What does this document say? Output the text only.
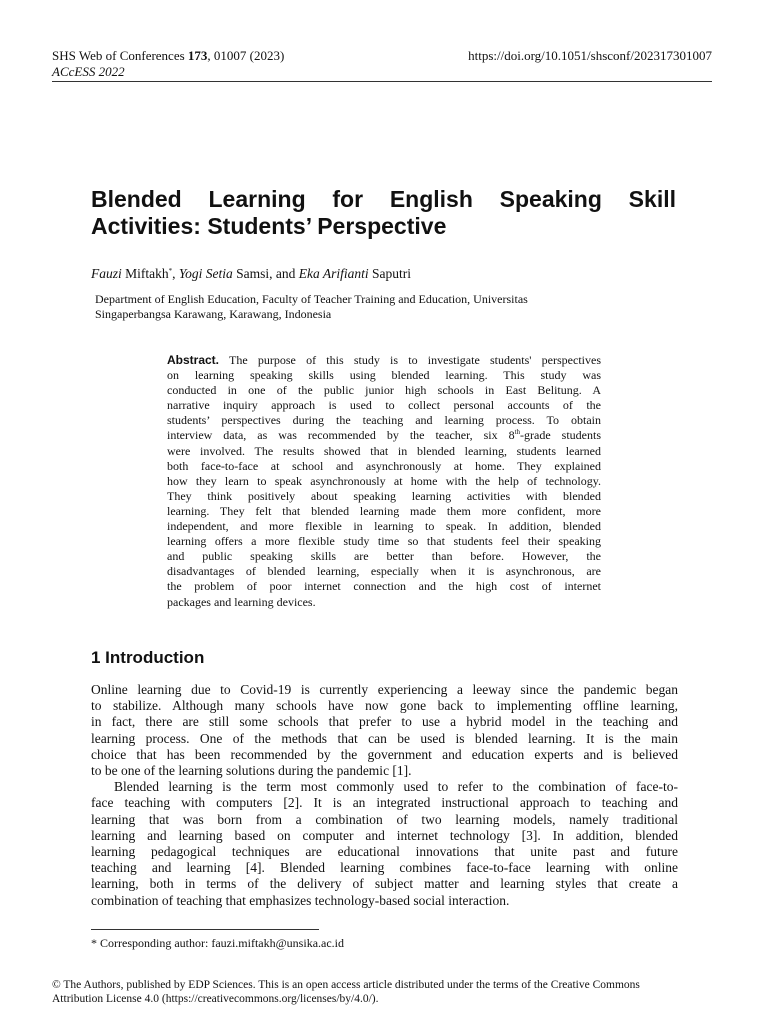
SHS Web of Conferences 173, 01007 (2023)
ACcESS 2022
https://doi.org/10.1051/shsconf/202317301007
Blended Learning for English Speaking Skill
Activities: Students’ Perspective
Fauzi Miftakh*, Yogi Setia Samsi, and Eka Arifianti Saputri
Department of English Education, Faculty of Teacher Training and Education, Universitas
Singaperbangsa Karawang, Karawang, Indonesia
Abstract. The purpose of this study is to investigate students' perspectives
on learning speaking skills using blended learning. This study was
conducted in one of the public junior high schools in East Belitung. A
narrative inquiry approach is used to collect personal accounts of the
students’ perspectives during the teaching and learning process. To obtain
interview data, as was recommended by the teacher, six 8th-grade students
were involved. The results showed that in blended learning, students learned
both face-to-face at school and asynchronously at home. They explained
how they learn to speak asynchronously at home with the help of technology.
They think positively about speaking learning activities with blended
learning. They felt that blended learning made them more confident, more
independent, and more flexible in learning to speak. In addition, blended
learning offers a more flexible study time so that students feel their speaking
and public speaking skills are better than before. However, the
disadvantages of blended learning, especially when it is asynchronous, are
the problem of poor internet connection and the high cost of internet
packages and learning devices.
1 Introduction
Online learning due to Covid-19 is currently experiencing a leeway since the pandemic began
to stabilize. Although many schools have now gone back to implementing offline learning,
in fact, there are still some schools that prefer to use a hybrid model in the teaching and
learning process. One of the methods that can be used is blended learning. It is the main
choice that has been recommended by the government and education experts and is believed
to be one of the learning solutions during the pandemic [1].
Blended learning is the term most commonly used to refer to the combination of face-to-
face teaching with computers [2]. It is an integrated instructional approach to teaching and
learning that was born from a combination of two learning models, namely traditional
learning and learning based on computer and internet technology [3]. In addition, blended
learning pedagogical techniques are educational innovations that unite past and future
teaching and learning [4]. Blended learning combines face-to-face learning with online
learning, both in terms of the delivery of subject matter and learning styles that create a
combination of teaching that emphasizes technology-based social interaction.
* Corresponding author: fauzi.miftakh@unsika.ac.id
© The Authors, published by EDP Sciences. This is an open access article distributed under the terms of the Creative Commons
Attribution License 4.0 (https://creativecommons.org/licenses/by/4.0/).
